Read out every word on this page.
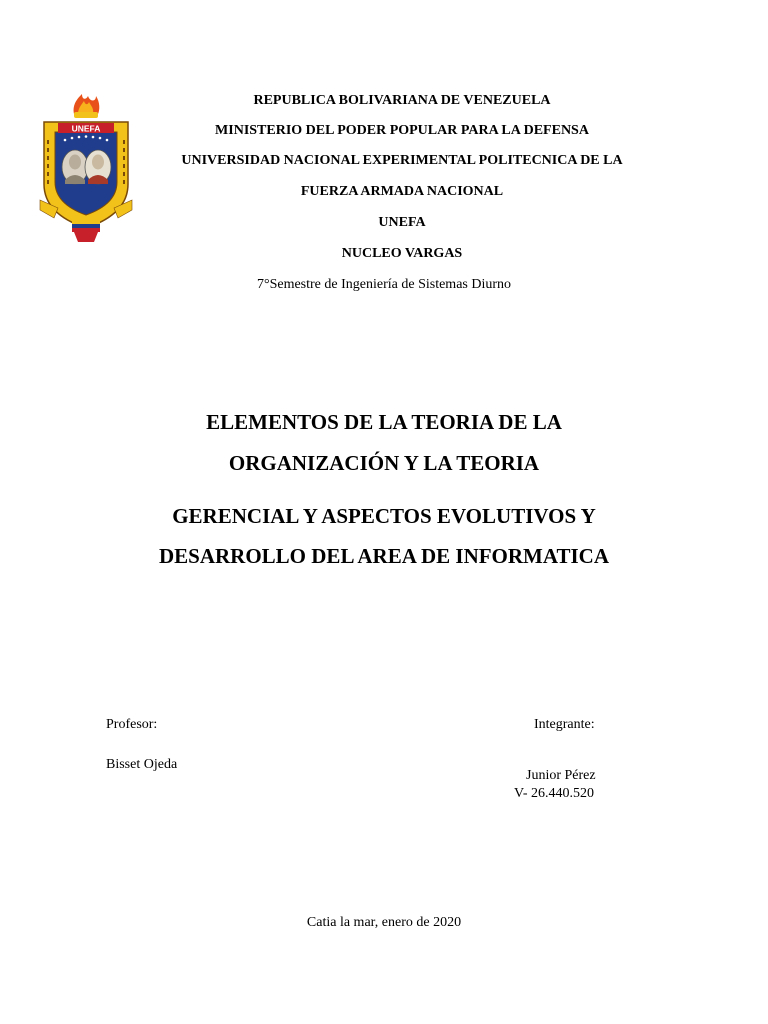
UNEFA
REPUBLICA BOLIVARIANA DE VENEZUELA
MINISTERIO DEL PODER POPULAR PARA LA DEFENSA
UNIVERSIDAD NACIONAL EXPERIMENTAL POLITECNICA DE LA
FUERZA ARMADA NACIONAL
UNEFA
NUCLEO VARGAS
7°Semestre de Ingeniería de Sistemas Diurno
ELEMENTOS DE LA TEORIA DE LA
ORGANIZACIÓN Y LA TEORIA
GERENCIAL Y ASPECTOS EVOLUTIVOS Y
DESARROLLO DEL AREA DE INFORMATICA
Profesor:
Bisset Ojeda
Integrante:
Junior Pérez
V- 26.440.520
Catia la mar, enero de 2020
